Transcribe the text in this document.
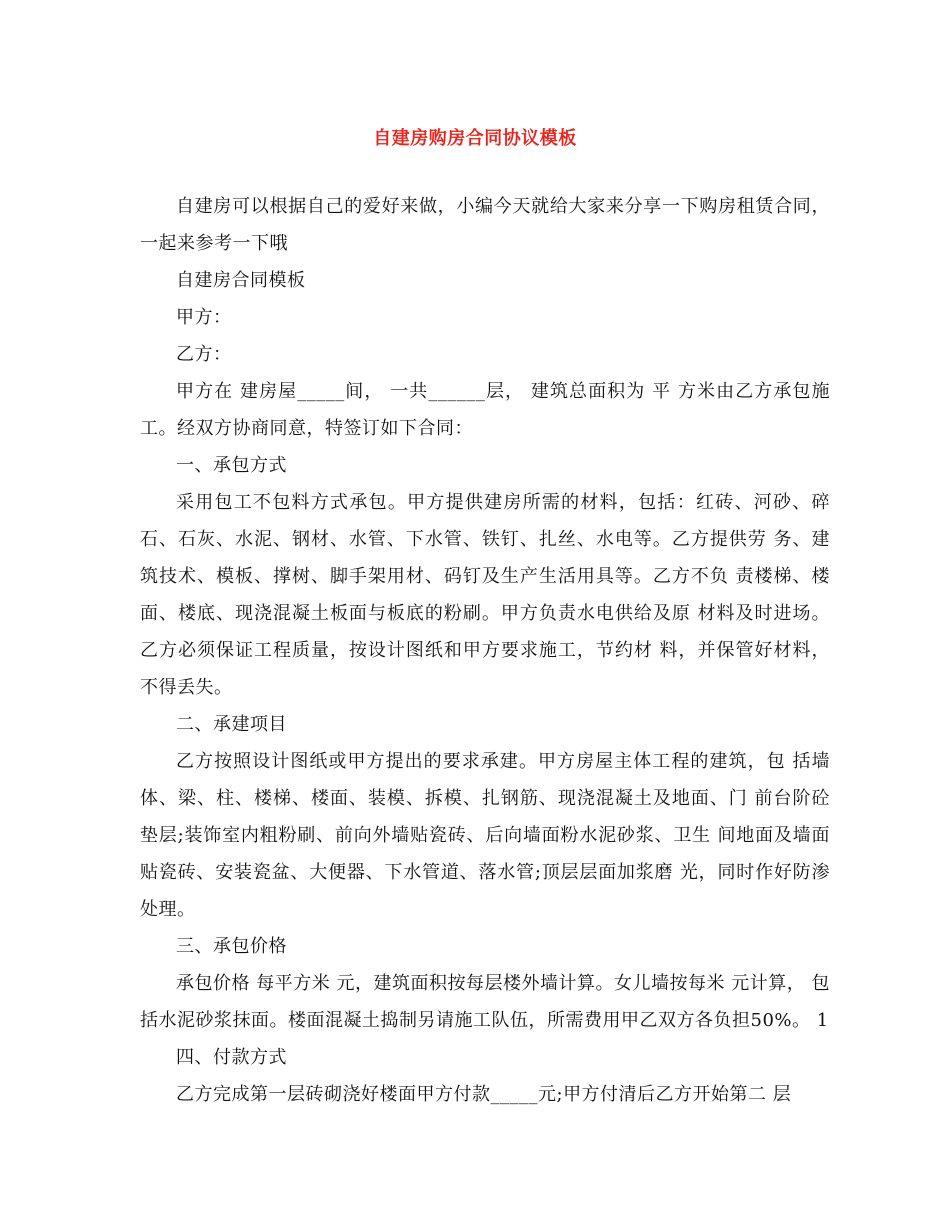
自建房购房合同协议模板

自建房可以根据自己的爱好来做，小编今天就给大家来分享一下购房租赁合同，一起来参考一下哦

自建房合同模板

甲方：

乙方：

甲方在 建房屋_____间， 一共______层， 建筑总面积为 平 方米由乙方承包施工。经双方协商同意，特签订如下合同：

一、承包方式

采用包工不包料方式承包。甲方提供建房所需的材料，包括：红砖、河砂、碎石、石灰、水泥、钢材、水管、下水管、铁钉、扎丝、水电等。乙方提供劳 务、建筑技术、模板、撑树、脚手架用材、码钉及生产生活用具等。乙方不负 责楼梯、楼面、楼底、现浇混凝土板面与板底的粉刷。甲方负责水电供给及原 材料及时进场。乙方必须保证工程质量，按设计图纸和甲方要求施工，节约材 料，并保管好材料，不得丢失。

二、承建项目

乙方按照设计图纸或甲方提出的要求承建。甲方房屋主体工程的建筑，包 括墙体、梁、柱、楼梯、楼面、装模、拆模、扎钢筋、现浇混凝土及地面、门 前台阶砼垫层;装饰室内粗粉刷、前向外墙贴瓷砖、后向墙面粉水泥砂浆、卫生 间地面及墙面贴瓷砖、安装瓷盆、大便器、下水管道、落水管;顶层层面加浆磨 光，同时作好防渗处理。

三、承包价格

承包价格 每平方米 元，建筑面积按每层楼外墙计算。女儿墙按每米 元计算， 包括水泥砂浆抹面。楼面混凝土捣制另请施工队伍，所需费用甲乙双方各负担50%。 1

四、付款方式

乙方完成第一层砖砌浇好楼面甲方付款_____元;甲方付清后乙方开始第二 层
